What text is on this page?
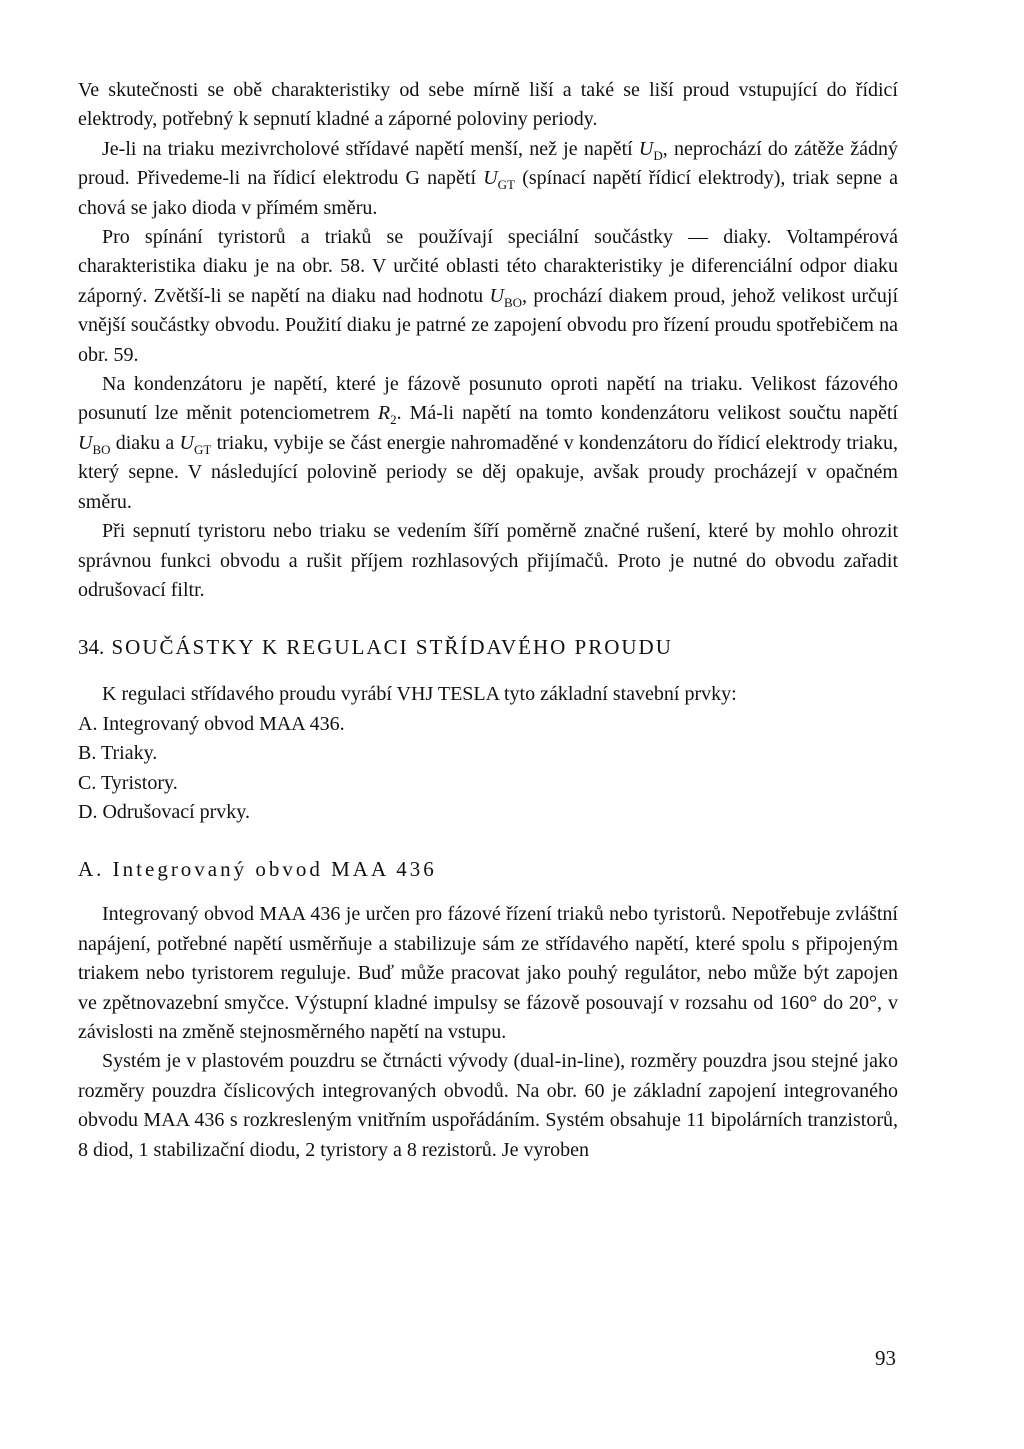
Ve skutečnosti se obě charakteristiky od sebe mírně liší a také se liší proud vstupující do řídicí elektrody, potřebný k sepnutí kladné a záporné poloviny periody.

Je-li na triaku mezivrcholové střídavé napětí menší, než je napětí $U_D$, neprochází do zátěže žádný proud. Přivedeme-li na řídicí elektrodu G napětí $U_{GT}$ (spínací napětí řídicí elektrody), triak sepne a chová se jako dioda v přímém směru.

Pro spínání tyristorů a triaků se používají speciální součástky — diaky. Voltampérová charakteristika diaku je na obr. 58. V určité oblasti této charakteristiky je diferenciální odpor diaku záporný. Zvětší-li se napětí na diaku nad hodnotu $U_{BO}$, prochází diakem proud, jehož velikost určují vnější součástky obvodu. Použití diaku je patrné ze zapojení obvodu pro řízení proudu spotřebičem na obr. 59.

Na kondenzátoru je napětí, které je fázově posunuto oproti napětí na triaku. Velikost fázového posunutí lze měnit potenciometrem $R_2$. Má-li napětí na tomto kondenzátoru velikost součtu napětí $U_{BO}$ diaku a $U_{GT}$ triaku, vybije se část energie nahromaděné v kondenzátoru do řídicí elektrody triaku, který sepne. V následující polovině periody se děj opakuje, avšak proudy procházejí v opačném směru.

Při sepnutí tyristoru nebo triaku se vedením šíří poměrně značné rušení, které by mohlo ohrozit správnou funkci obvodu a rušit příjem rozhlasových přijímačů. Proto je nutné do obvodu zařadit odrušovací filtr.

34. SOUČÁSTKY K REGULACI STŘÍDAVÉHO PROUDU

K regulaci střídavého proudu vyrábí VHJ TESLA tyto základní stavební prvky:

A. Integrovaný obvod MAA 436.
B. Triaky.
C. Tyristory.
D. Odrušovací prvky.
A. Integrovaný obvod MAA 436

Integrovaný obvod MAA 436 je určen pro fázové řízení triaků nebo tyristorů. Nepotřebuje zvláštní napájení, potřebné napětí usměrňuje a stabilizuje sám ze střídavého napětí, které spolu s připojeným triakem nebo tyristorem reguluje. Buď může pracovat jako pouhý regulátor, nebo může být zapojen ve zpětnovazební smyčce. Výstupní kladné impulsy se fázově posouvají v rozsahu od 160° do 20°, v závislosti na změně stejnosměrného napětí na vstupu.

Systém je v plastovém pouzdru se čtrnácti vývody (dual-in-line), rozměry pouzdra jsou stejné jako rozměry pouzdra číslicových integrovaných obvodů. Na obr. 60 je základní zapojení integrovaného obvodu MAA 436 s rozkresleným vnitřním uspořádáním. Systém obsahuje 11 bipolárních tranzistorů, 8 diod, 1 stabilizační diodu, 2 tyristory a 8 rezistorů. Je vyroben

93
